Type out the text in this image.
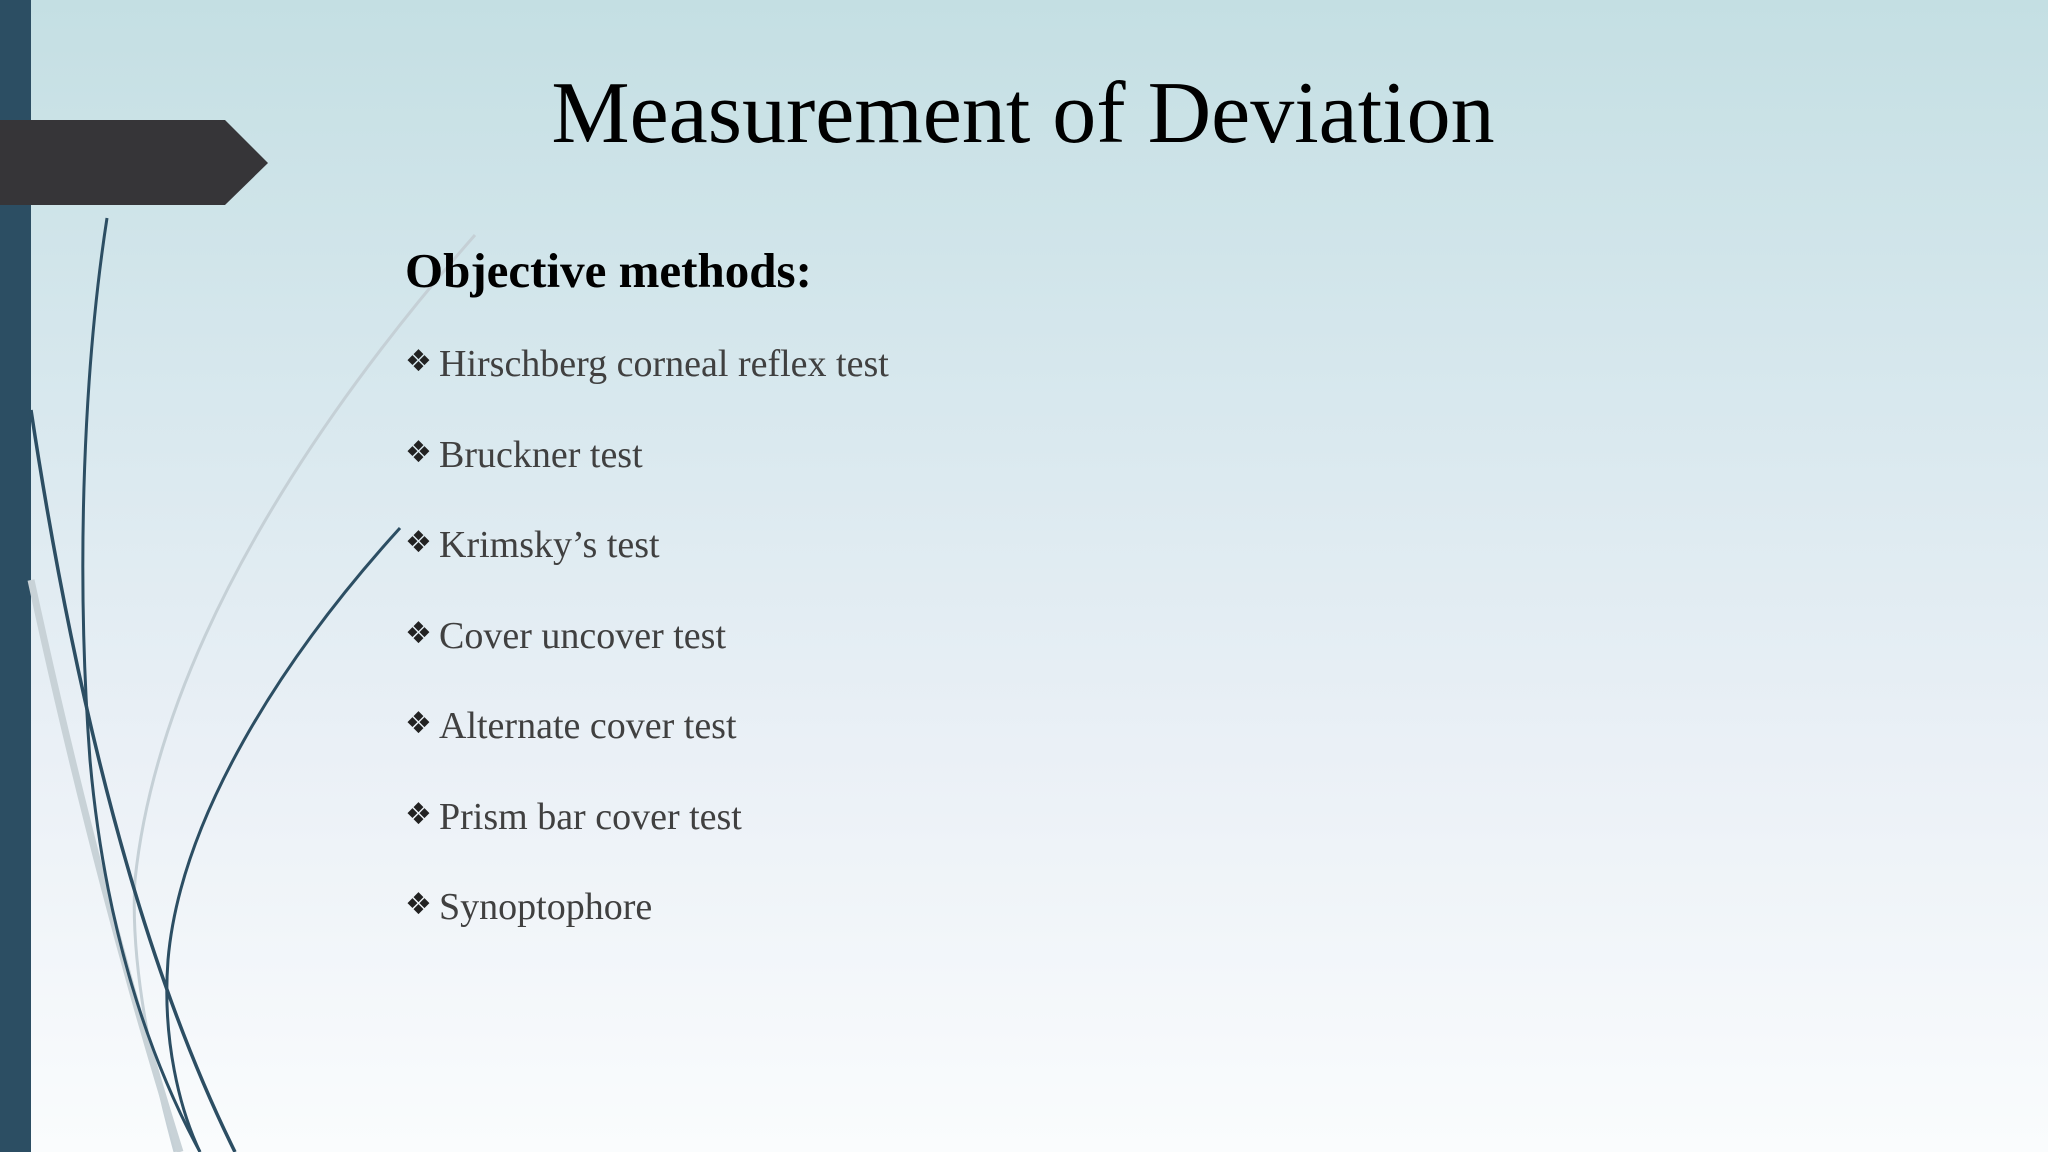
Measurement of Deviation
Objective methods:
❖ Hirschberg corneal reflex test
❖ Bruckner test
❖ Krimsky’s test
❖ Cover uncover test
❖ Alternate cover test
❖ Prism bar cover test
❖ Synoptophore
